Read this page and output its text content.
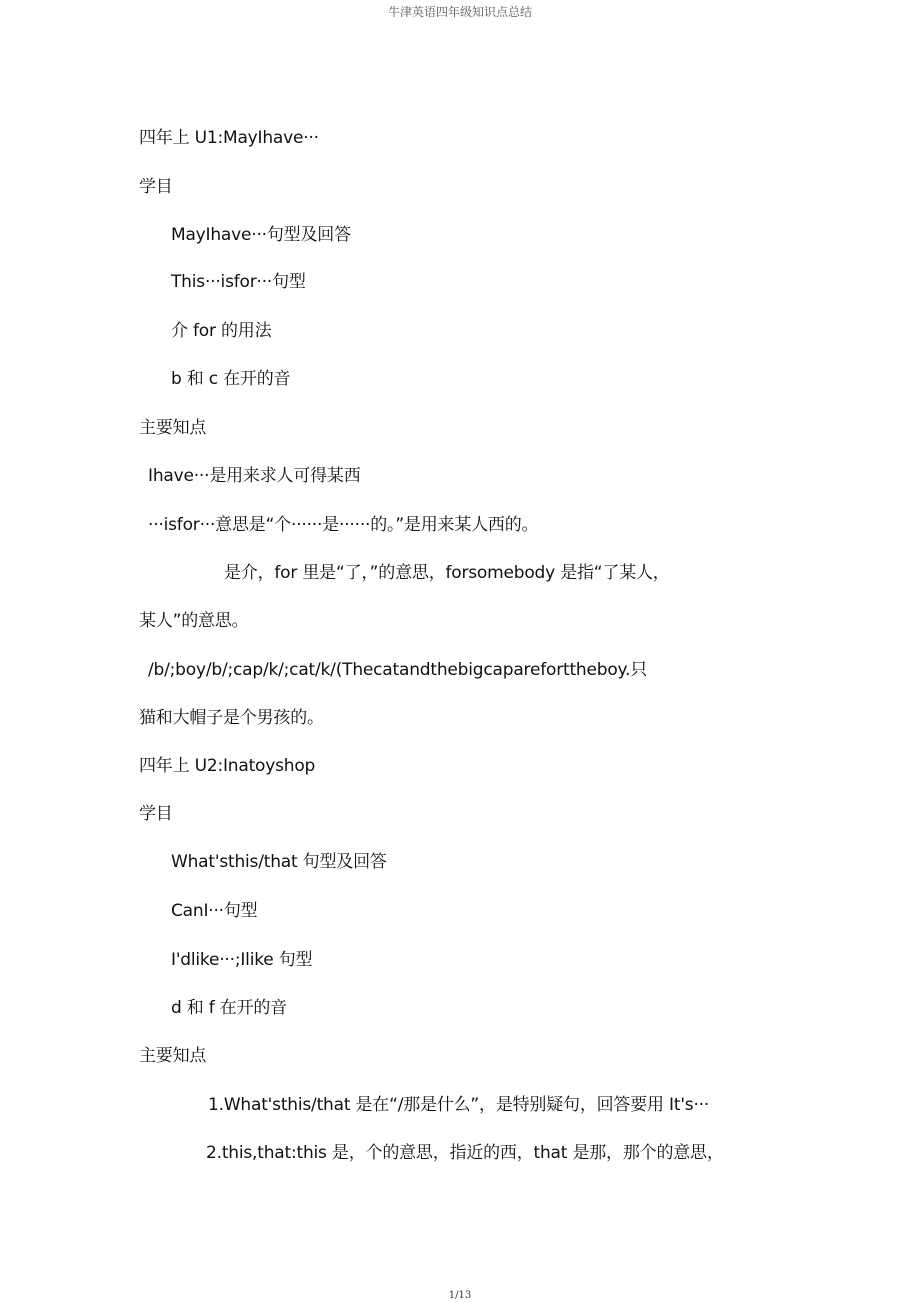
牛津英语四年级知识点总结
四年上 U1:MayIhave···
学目
MayIhave···句型及回答
This···isfor···句型
介 for 的用法
b 和 c 在开的音
主要知点
Ihave···是用来求人可得某西
···isfor···意思是“个······是······的。”是用来某人西的。
是介，for 里是“了，”的意思，forsomebody 是指“了某人，
某人”的意思。
/b/;boy/b/;cap/k/;cat/k/(Thecatandthebigcapareforttheboy.只
猫和大帽子是个男孩的。
四年上 U2:Inatoyshop
学目
What'sthis/that 句型及回答
CanI···句型
I'dlike···;Ilike 句型
d 和 f 在开的音
主要知点
1.What'sthis/that 是在“/那是什么”，是特别疑句，回答要用 It's···
2.this,that:this 是，个的意思，指近的西，that 是那，那个的意思，
1/13
